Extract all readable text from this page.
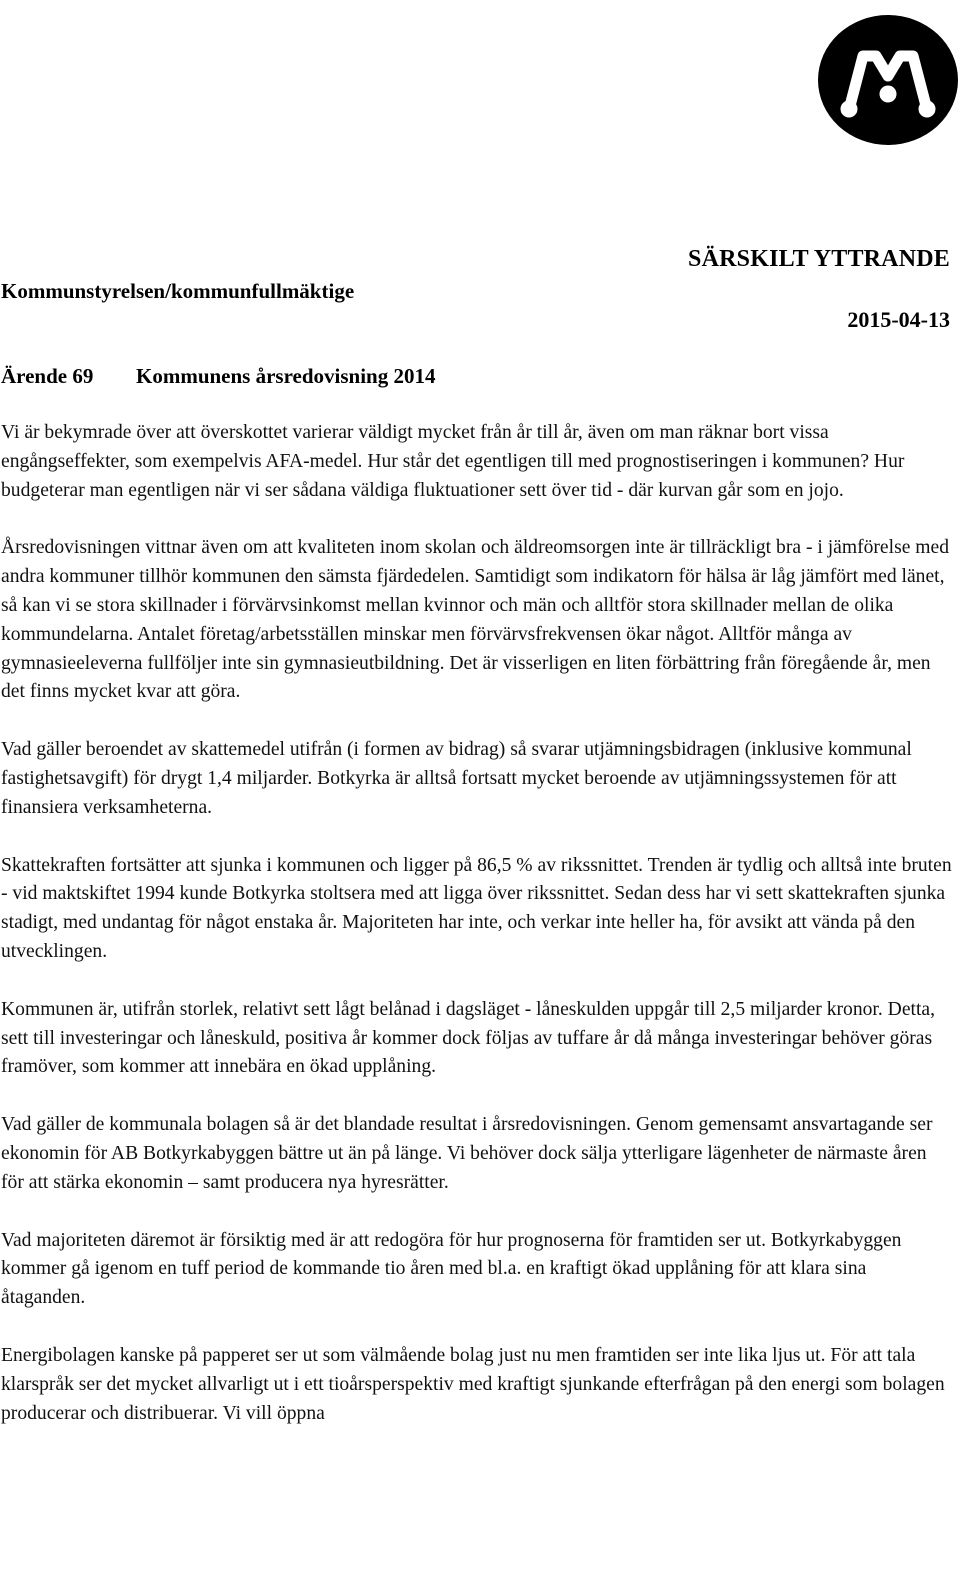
SÄRSKILT YTTRANDE
Kommunstyrelsen/kommunfullmäktige
2015-04-13
Ärende 69 Kommunens årsredovisning 2014

Vi är bekymrade över att överskottet varierar väldigt mycket från år till år, även om man räknar bort vissa engångseffekter, som exempelvis AFA-medel. Hur står det egentligen till med prognostiseringen i kommunen? Hur budgeterar man egentligen när vi ser sådana väldiga fluktuationer sett över tid - där kurvan går som en jojo.

Årsredovisningen vittnar även om att kvaliteten inom skolan och äldreomsorgen inte är tillräckligt bra - i jämförelse med andra kommuner tillhör kommunen den sämsta fjärdedelen. Samtidigt som indikatorn för hälsa är låg jämfört med länet, så kan vi se stora skillnader i förvärvsinkomst mellan kvinnor och män och alltför stora skillnader mellan de olika kommundelarna. Antalet företag/arbetsställen minskar men förvärvsfrekvensen ökar något. Alltför många av gymnasieeleverna fullföljer inte sin gymnasieutbildning. Det är visserligen en liten förbättring från föregående år, men det finns mycket kvar att göra.

Vad gäller beroendet av skattemedel utifrån (i formen av bidrag) så svarar utjämningsbidragen (inklusive kommunal fastighetsavgift) för drygt 1,4 miljarder. Botkyrka är alltså fortsatt mycket beroende av utjämningssystemen för att finansiera verksamheterna.

Skattekraften fortsätter att sjunka i kommunen och ligger på 86,5 % av rikssnittet. Trenden är tydlig och alltså inte bruten - vid maktskiftet 1994 kunde Botkyrka stoltsera med att ligga över rikssnittet. Sedan dess har vi sett skattekraften sjunka stadigt, med undantag för något enstaka år. Majoriteten har inte, och verkar inte heller ha, för avsikt att vända på den utvecklingen.

Kommunen är, utifrån storlek, relativt sett lågt belånad i dagsläget - låneskulden uppgår till 2,5 miljarder kronor. Detta, sett till investeringar och låneskuld, positiva år kommer dock följas av tuffare år då många investeringar behöver göras framöver, som kommer att innebära en ökad upplåning.

Vad gäller de kommunala bolagen så är det blandade resultat i årsredovisningen. Genom gemensamt ansvartagande ser ekonomin för AB Botkyrkabyggen bättre ut än på länge. Vi behöver dock sälja ytterligare lägenheter de närmaste åren för att stärka ekonomin – samt producera nya hyresrätter.

Vad majoriteten däremot är försiktig med är att redogöra för hur prognoserna för framtiden ser ut. Botkyrkabyggen kommer gå igenom en tuff period de kommande tio åren med bl.a. en kraftigt ökad upplåning för att klara sina åtaganden.

Energibolagen kanske på papperet ser ut som välmående bolag just nu men framtiden ser inte lika ljus ut. För att tala klarspråk ser det mycket allvarligt ut i ett tioårsperspektiv med kraftigt sjunkande efterfrågan på den energi som bolagen producerar och distribuerar. Vi vill öppna
